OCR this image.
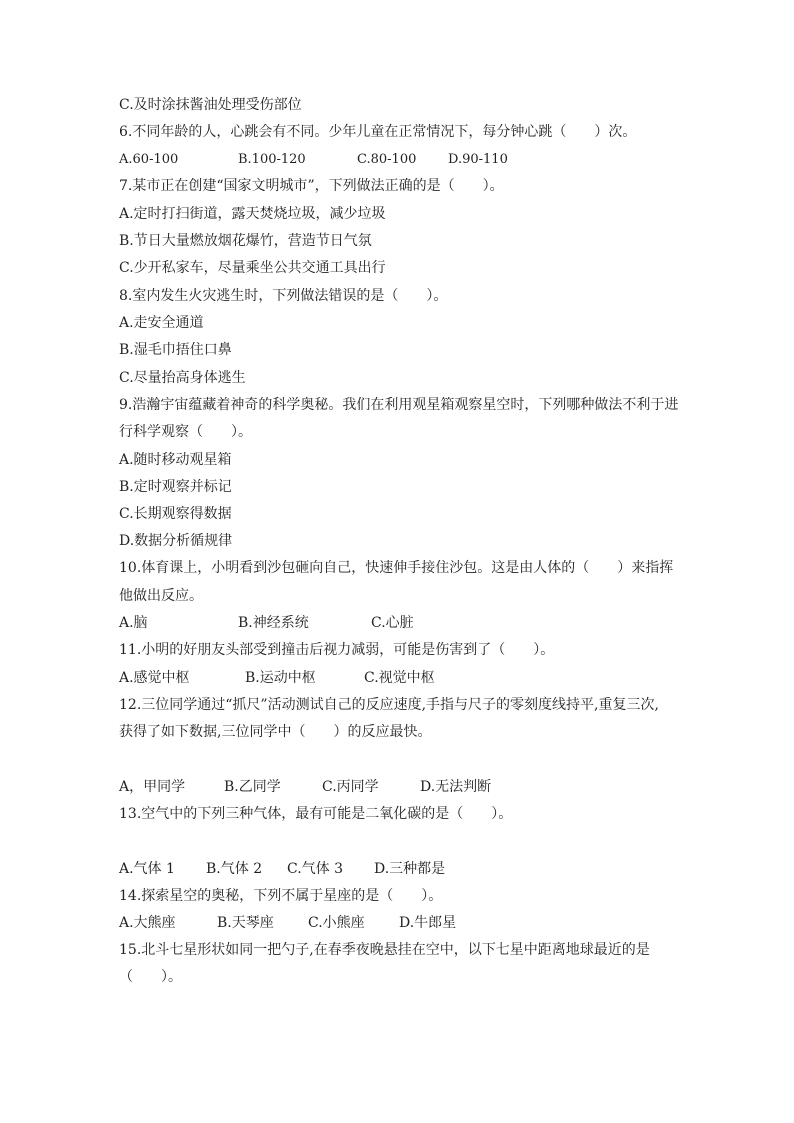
C.及时涂抹酱油处理受伤部位
6.不同年龄的人，心跳会有不同。少年儿童在正常情况下，每分钟心跳（　　）次。
A.60-100	B.100-120	C.80-100 D.90-110
7.某市正在创建“国家文明城市”，下列做法正确的是（　　）。
A.定时打扫街道，露天焚烧垃圾，减少垃圾
B.节日大量燃放烟花爆竹，营造节日气氛
C.少开私家车，尽量乘坐公共交通工具出行
8.室内发生火灾逃生时，下列做法错误的是（　　）。
A.走安全通道
B.湿毛巾捂住口鼻
C.尽量抬高身体逃生
9.浩瀚宇宙蕴藏着神奇的科学奥秘。我们在利用观星箱观察星空时，下列哪种做法不利于进
行科学观察（　　）。
A.随时移动观星箱
B.定时观察并标记
C.长期观察得数据
D.数据分析循规律
10.体育课上，小明看到沙包砸向自己，快速伸手接住沙包。这是由人体的（　　）来指挥
他做出反应。
A.脑	B.神经系统	C.心脏
11.小明的好朋友头部受到撞击后视力减弱，可能是伤害到了（　　）。
A.感觉中枢	B.运动中枢	C.视觉中枢
12.三位同学通过“抓尺”活动测试自己的反应速度,手指与尺子的零刻度线持平,重复三次,
获得了如下数据,三位同学中（　　）的反应最快。
A，甲同学	B.乙同学	C.丙同学	D.无法判断
13.空气中的下列三种气体，最有可能是二氧化碳的是（　　）。
A.气体 1 B.气体 2 C.气体 3 D.三种都是
14.探索星空的奥秘，下列不属于星座的是（　　）。
A.大熊座	B.天琴座 C.小熊座 D.牛郎星
15.北斗七星形状如同一把勺子,在春季夜晚悬挂在空中，以下七星中距离地球最近的是
（　　）。
